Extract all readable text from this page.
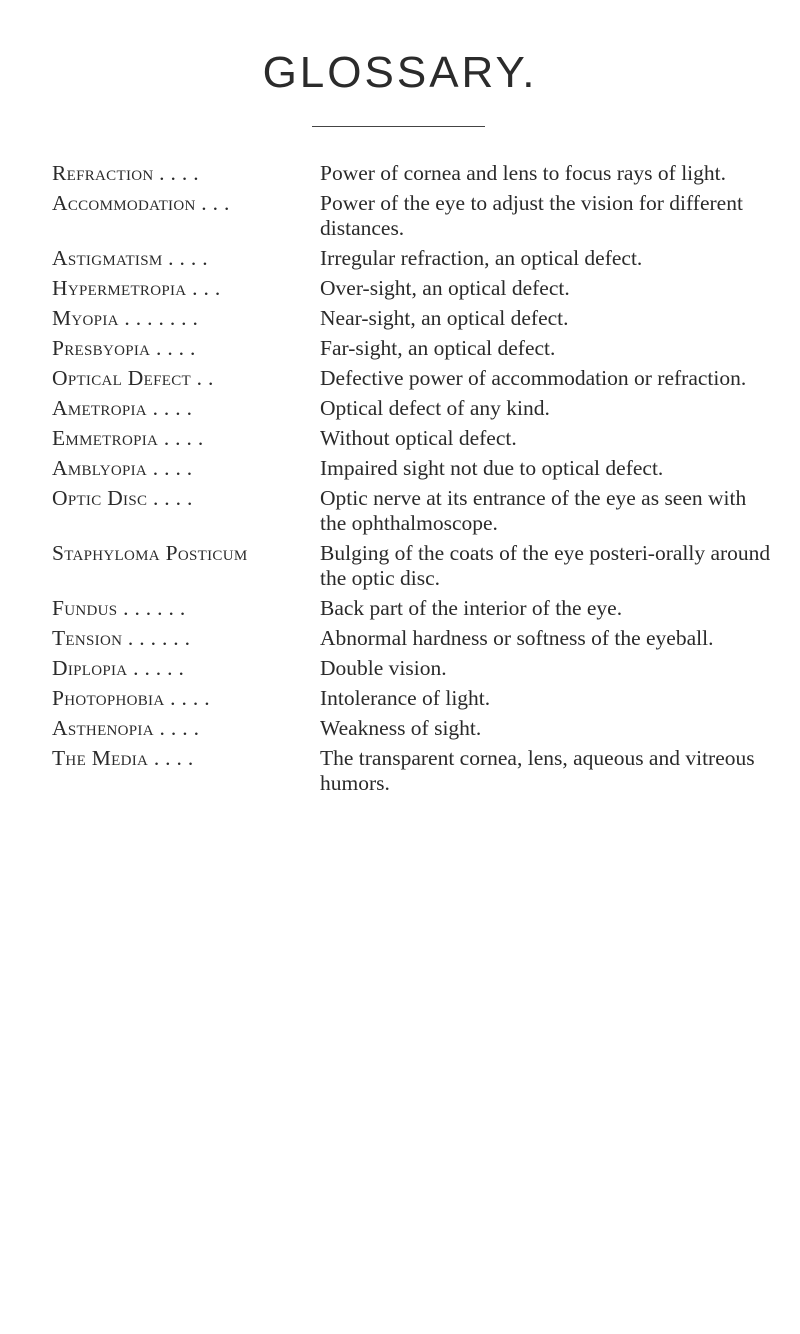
GLOSSARY.
Refraction . . . .	Power of cornea and lens to focus rays of light.
Accommodation . . .	Power of the eye to adjust the vision for different distances.
Astigmatism . . . .	Irregular refraction, an optical defect.
Hypermetropia . . .	Over-sight, an optical defect.
Myopia . . . . . . .	Near-sight, an optical defect.
Presbyopia . . . .	Far-sight, an optical defect.
Optical Defect . .	Defective power of accommodation or refraction.
Ametropia . . . .	Optical defect of any kind.
Emmetropia . . . .	Without optical defect.
Amblyopia . . . .	Impaired sight not due to optical defect.
Optic Disc . . . .	Optic nerve at its entrance of the eye as seen with the ophthalmoscope.
Staphyloma Posticum	Bulging of the coats of the eye posteri-orally around the optic disc.
Fundus . . . . . .	Back part of the interior of the eye.
Tension . . . . . .	Abnormal hardness or softness of the eyeball.
Diplopia . . . . .	Double vision.
Photophobia . . . .	Intolerance of light.
Asthenopia . . . .	Weakness of sight.
The Media . . . .	The transparent cornea, lens, aqueous and vitreous humors.
